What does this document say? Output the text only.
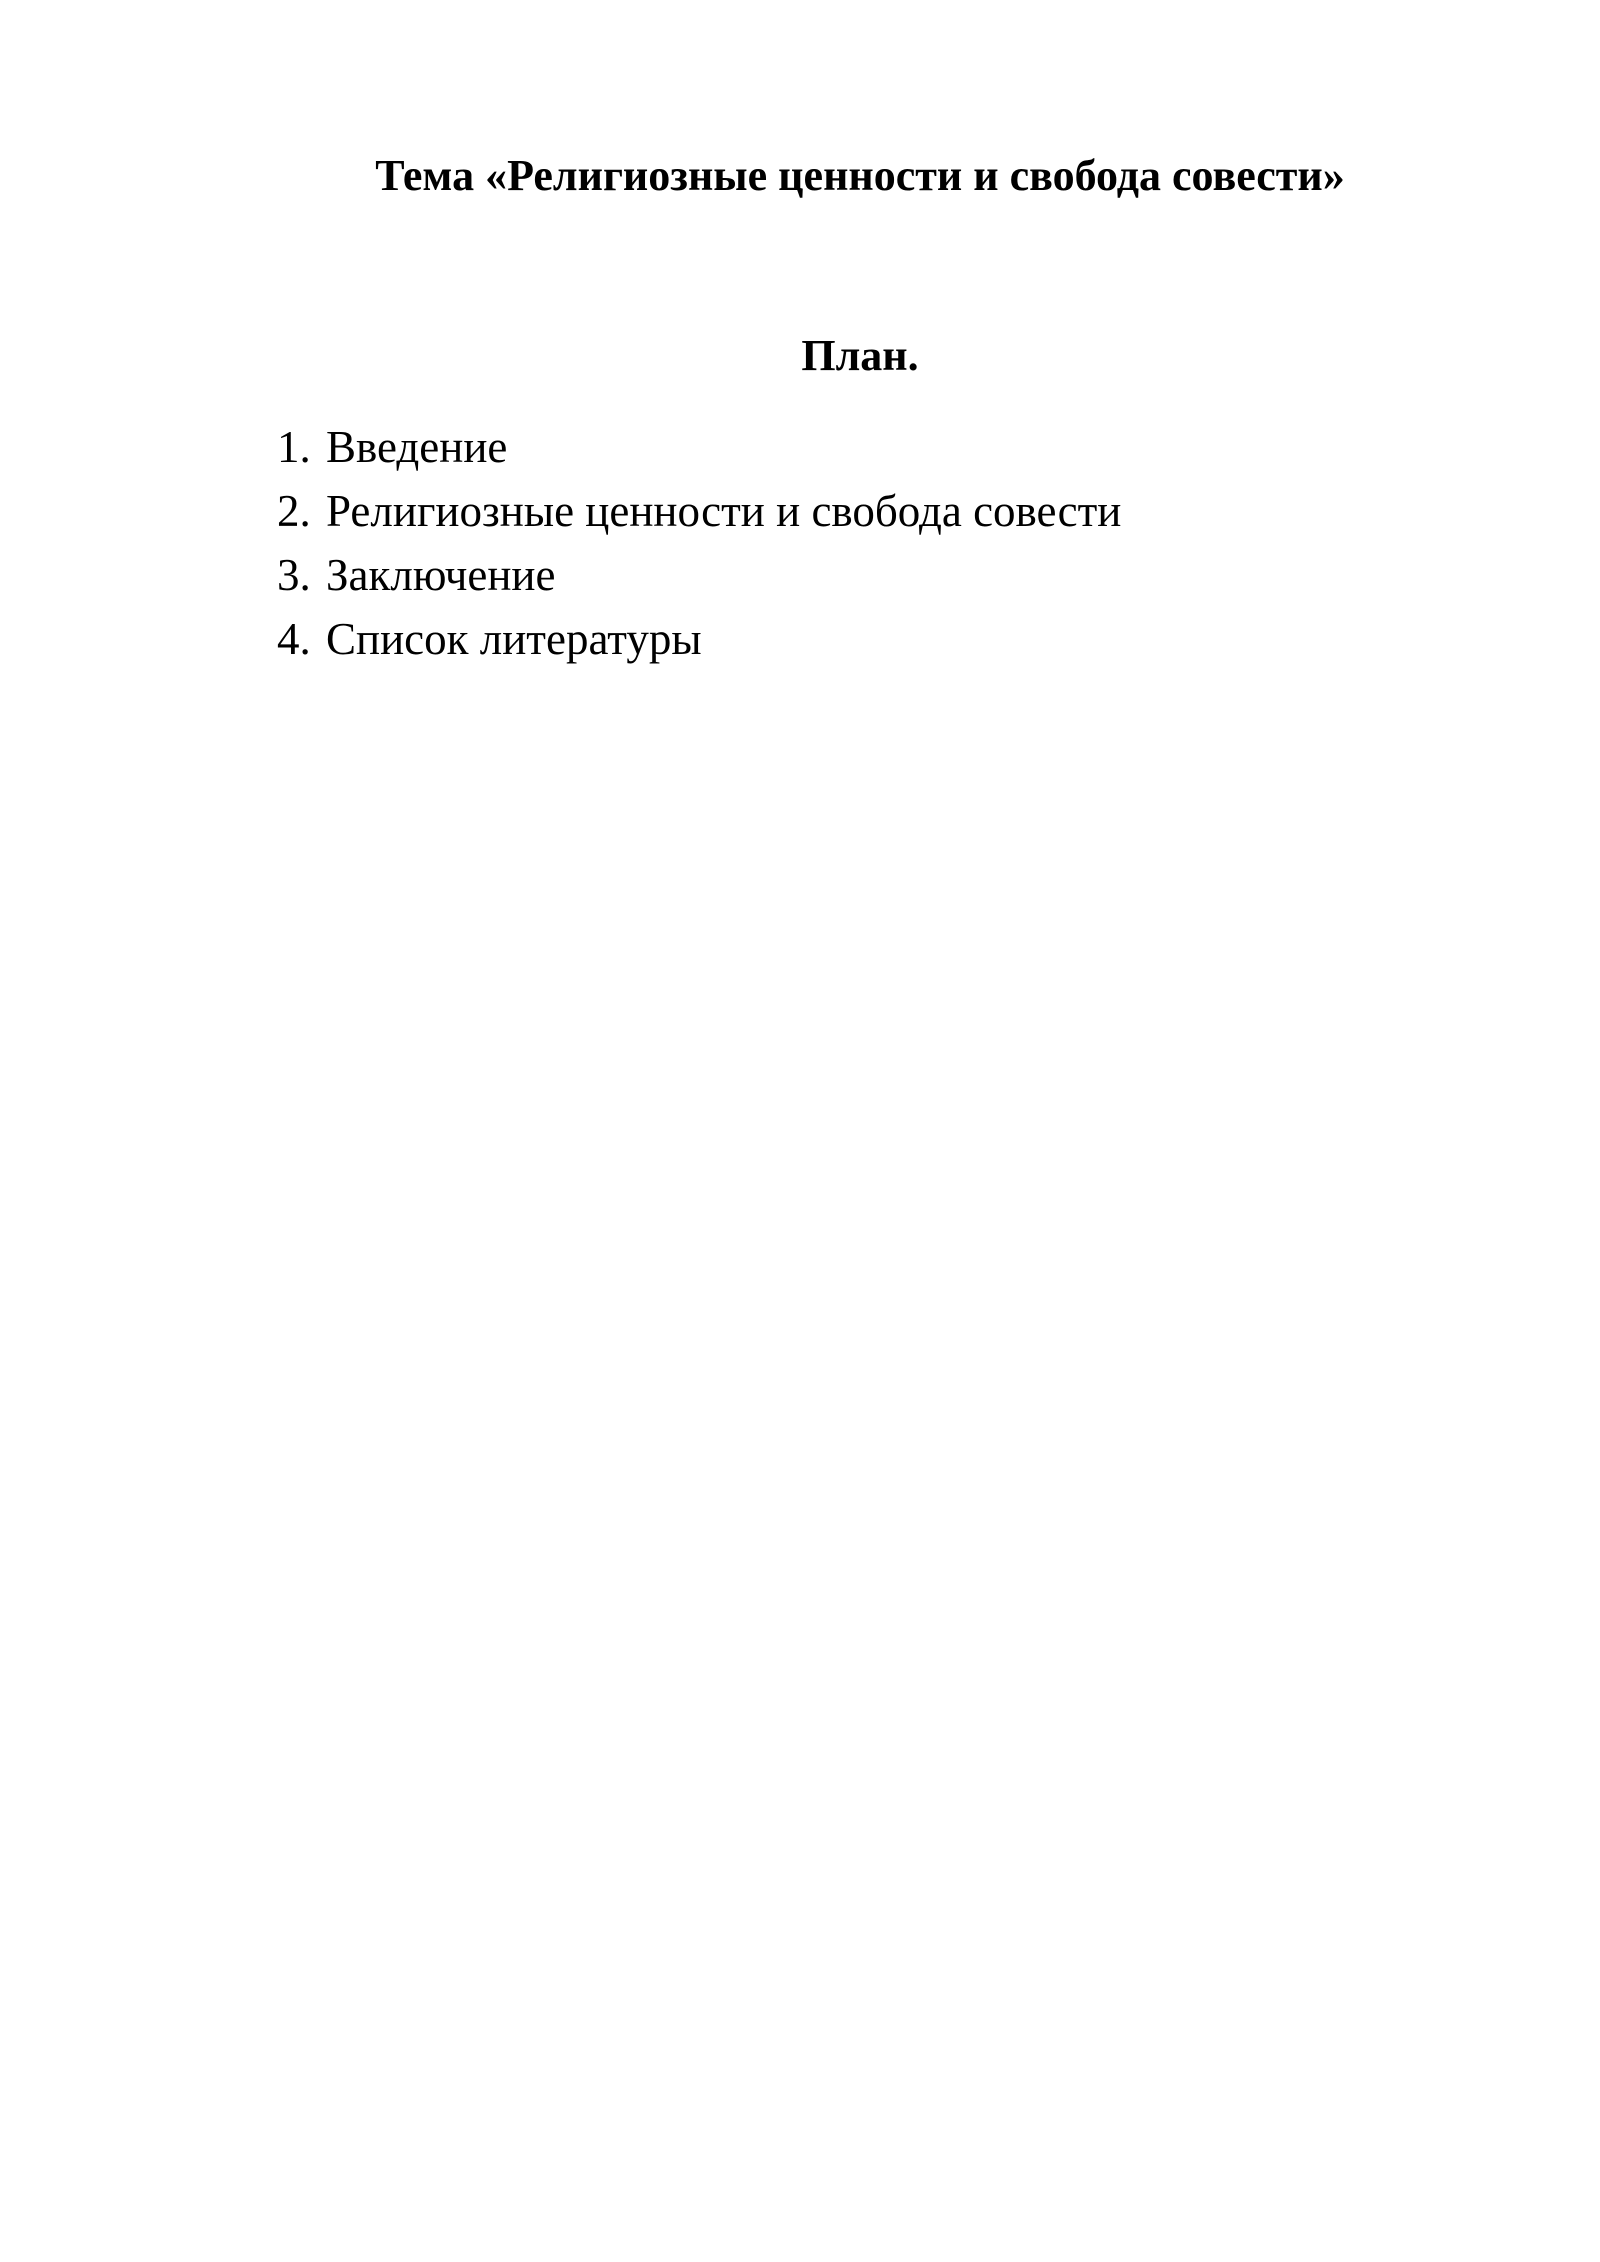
Тема «Религиозные ценности и свобода совести»
План.
1. Введение
2. Религиозные ценности и свобода совести
3. Заключение
4. Список литературы
